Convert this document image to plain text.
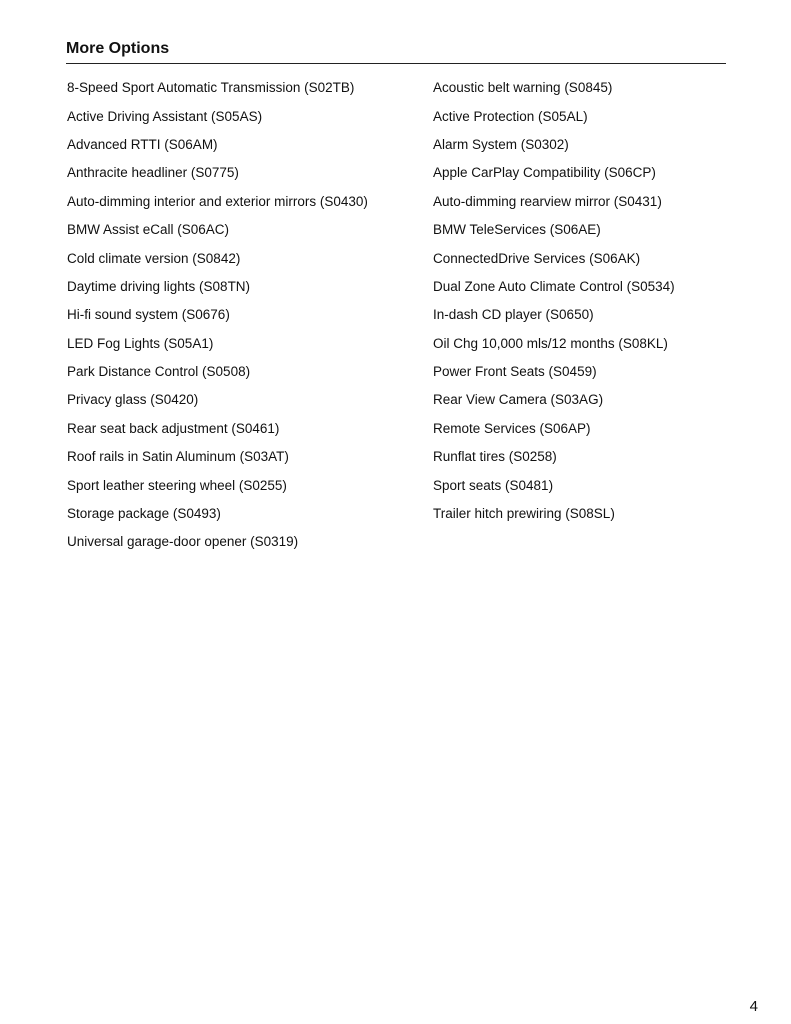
More Options
8-Speed Sport Automatic Transmission (S02TB)	Acoustic belt warning (S0845)
Active Driving Assistant (S05AS)	Active Protection (S05AL)
Advanced RTTI (S06AM)	Alarm System (S0302)
Anthracite headliner (S0775)	Apple CarPlay Compatibility (S06CP)
Auto-dimming interior and exterior mirrors (S0430)	Auto-dimming rearview mirror (S0431)
BMW Assist eCall (S06AC)	BMW TeleServices (S06AE)
Cold climate version (S0842)	ConnectedDrive Services (S06AK)
Daytime driving lights (S08TN)	Dual Zone Auto Climate Control (S0534)
Hi-fi sound system (S0676)	In-dash CD player (S0650)
LED Fog Lights (S05A1)	Oil Chg 10,000 mls/12 months (S08KL)
Park Distance Control (S0508)	Power Front Seats (S0459)
Privacy glass (S0420)	Rear View Camera (S03AG)
Rear seat back adjustment (S0461)	Remote Services (S06AP)
Roof rails in Satin Aluminum (S03AT)	Runflat tires (S0258)
Sport leather steering wheel (S0255)	Sport seats (S0481)
Storage package (S0493)	Trailer hitch prewiring (S08SL)
Universal garage-door opener (S0319)
4
